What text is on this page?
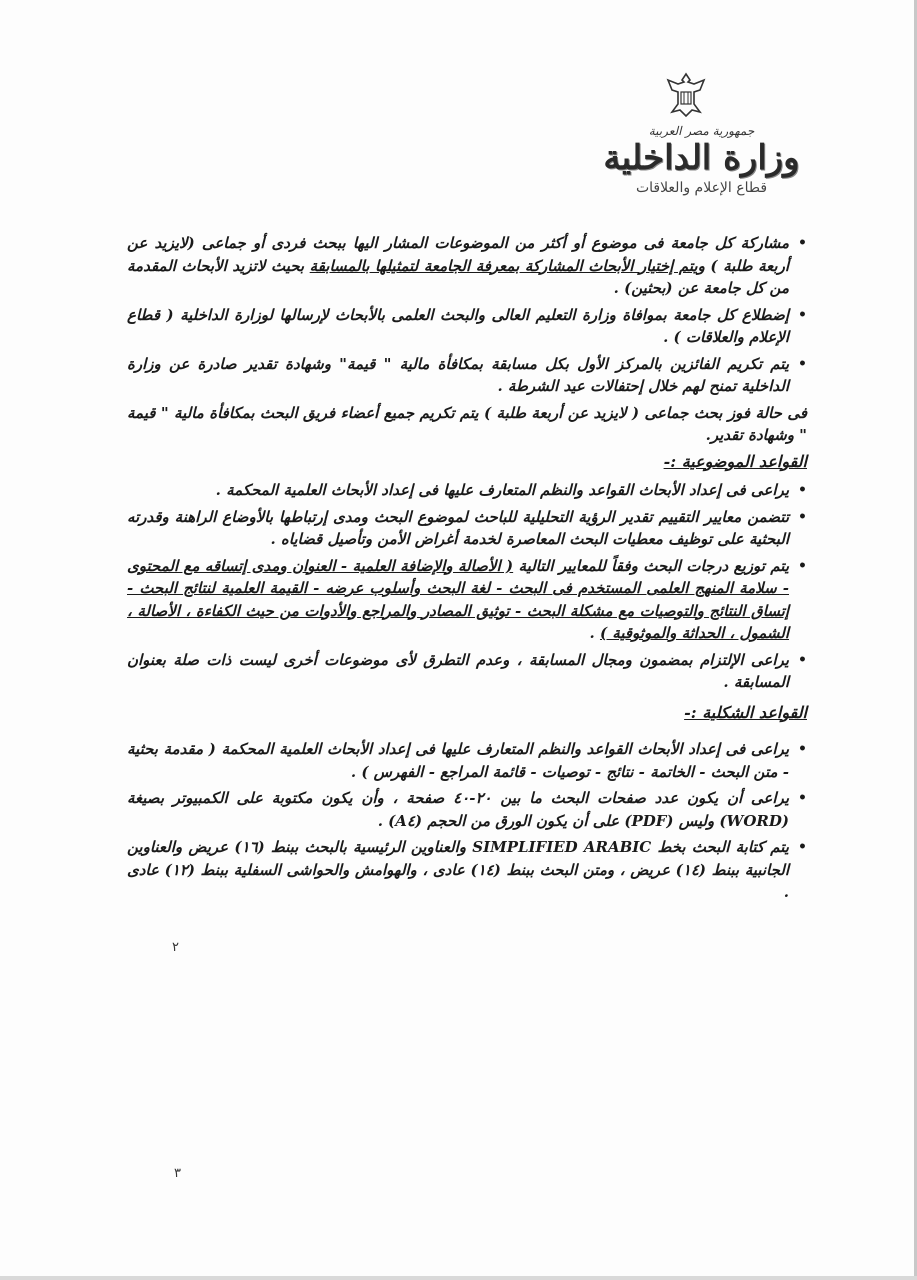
جمهورية مصر العربية
وزارة الداخلية
قطاع الإعلام والعلاقات
•
مشاركة كل جامعة فى موضوع أو أكثر من الموضوعات المشار اليها ببحث فردى أو جماعى (لايزيد عن أربعة طلبة ) ويتم إختيار الأبحاث المشاركة بمعرفة الجامعة لتمثيلها بالمسابقة بحيث لاتزيد الأبحاث المقدمة من كل جامعة عن (بحثين) .
•
إضطلاع كل جامعة بموافاة وزارة التعليم العالى والبحث العلمى بالأبحاث لإرسالها لوزارة الداخلية ( قطاع الإعلام والعلاقات ) .
•
يتم تكريم الفائزين بالمركز الأول بكل مسابقة بمكافأة مالية " قيمة" وشهادة تقدير صادرة عن وزارة الداخلية تمنح لهم خلال إحتفالات عيد الشرطة .
فى حالة فوز بحث جماعى ( لايزيد عن أربعة طلبة ) يتم تكريم جميع أعضاء فريق البحث بمكافأة مالية " قيمة " وشهادة تقدير.
القواعد الموضوعية :-
•
يراعى فى إعداد الأبحاث القواعد والنظم المتعارف عليها فى إعداد الأبحاث العلمية المحكمة .
•
تتضمن معايير التقييم تقدير الرؤية التحليلية للباحث لموضوع البحث ومدى إرتباطها بالأوضاع الراهنة وقدرته البحثية على توظيف معطيات البحث المعاصرة لخدمة أغراض الأمن وتأصيل قضاياه .
•
يتم توزيع درجات البحث وفقاً للمعايير التالية ( الأصالة والإضافة العلمية - العنوان ومدى إتساقه مع المحتوى - سلامة المنهج العلمى المستخدم فى البحث - لغة البحث وأسلوب عرضه - القيمة العلمية لنتائج البحث - إتساق النتائج والتوصيات مع مشكلة البحث - توثيق المصادر والمراجع والأدوات من حيث الكفاءة ، الأصالة ، الشمول ، الحداثة والموثوقية ) .
•
يراعى الإلتزام بمضمون ومجال المسابقة ، وعدم التطرق لأى موضوعات أخرى ليست ذات صلة بعنوان المسابقة .
القواعد الشكلية :-
•
يراعى فى إعداد الأبحاث القواعد والنظم المتعارف عليها فى إعداد الأبحاث العلمية المحكمة ( مقدمة بحثية - متن البحث - الخاتمة - نتائج - توصيات - قائمة المراجع - الفهرس ) .
•
يراعى أن يكون عدد صفحات البحث ما بين ٢٠-٤٠ صفحة ، وأن يكون مكتوبة على الكمبيوتر بصيغة (WORD) وليس (PDF) على أن يكون الورق من الحجم (A٤) .
•
يتم كتابة البحث بخط SIMPLIFIED ARABIC والعناوين الرئيسية بالبحث ببنط (١٦) عريض والعناوين الجانبية ببنط (١٤) عريض ، ومتن البحث ببنط (١٤) عادى ، والهوامش والحواشى السفلية ببنط (١٢) عادى .
٢
٣
